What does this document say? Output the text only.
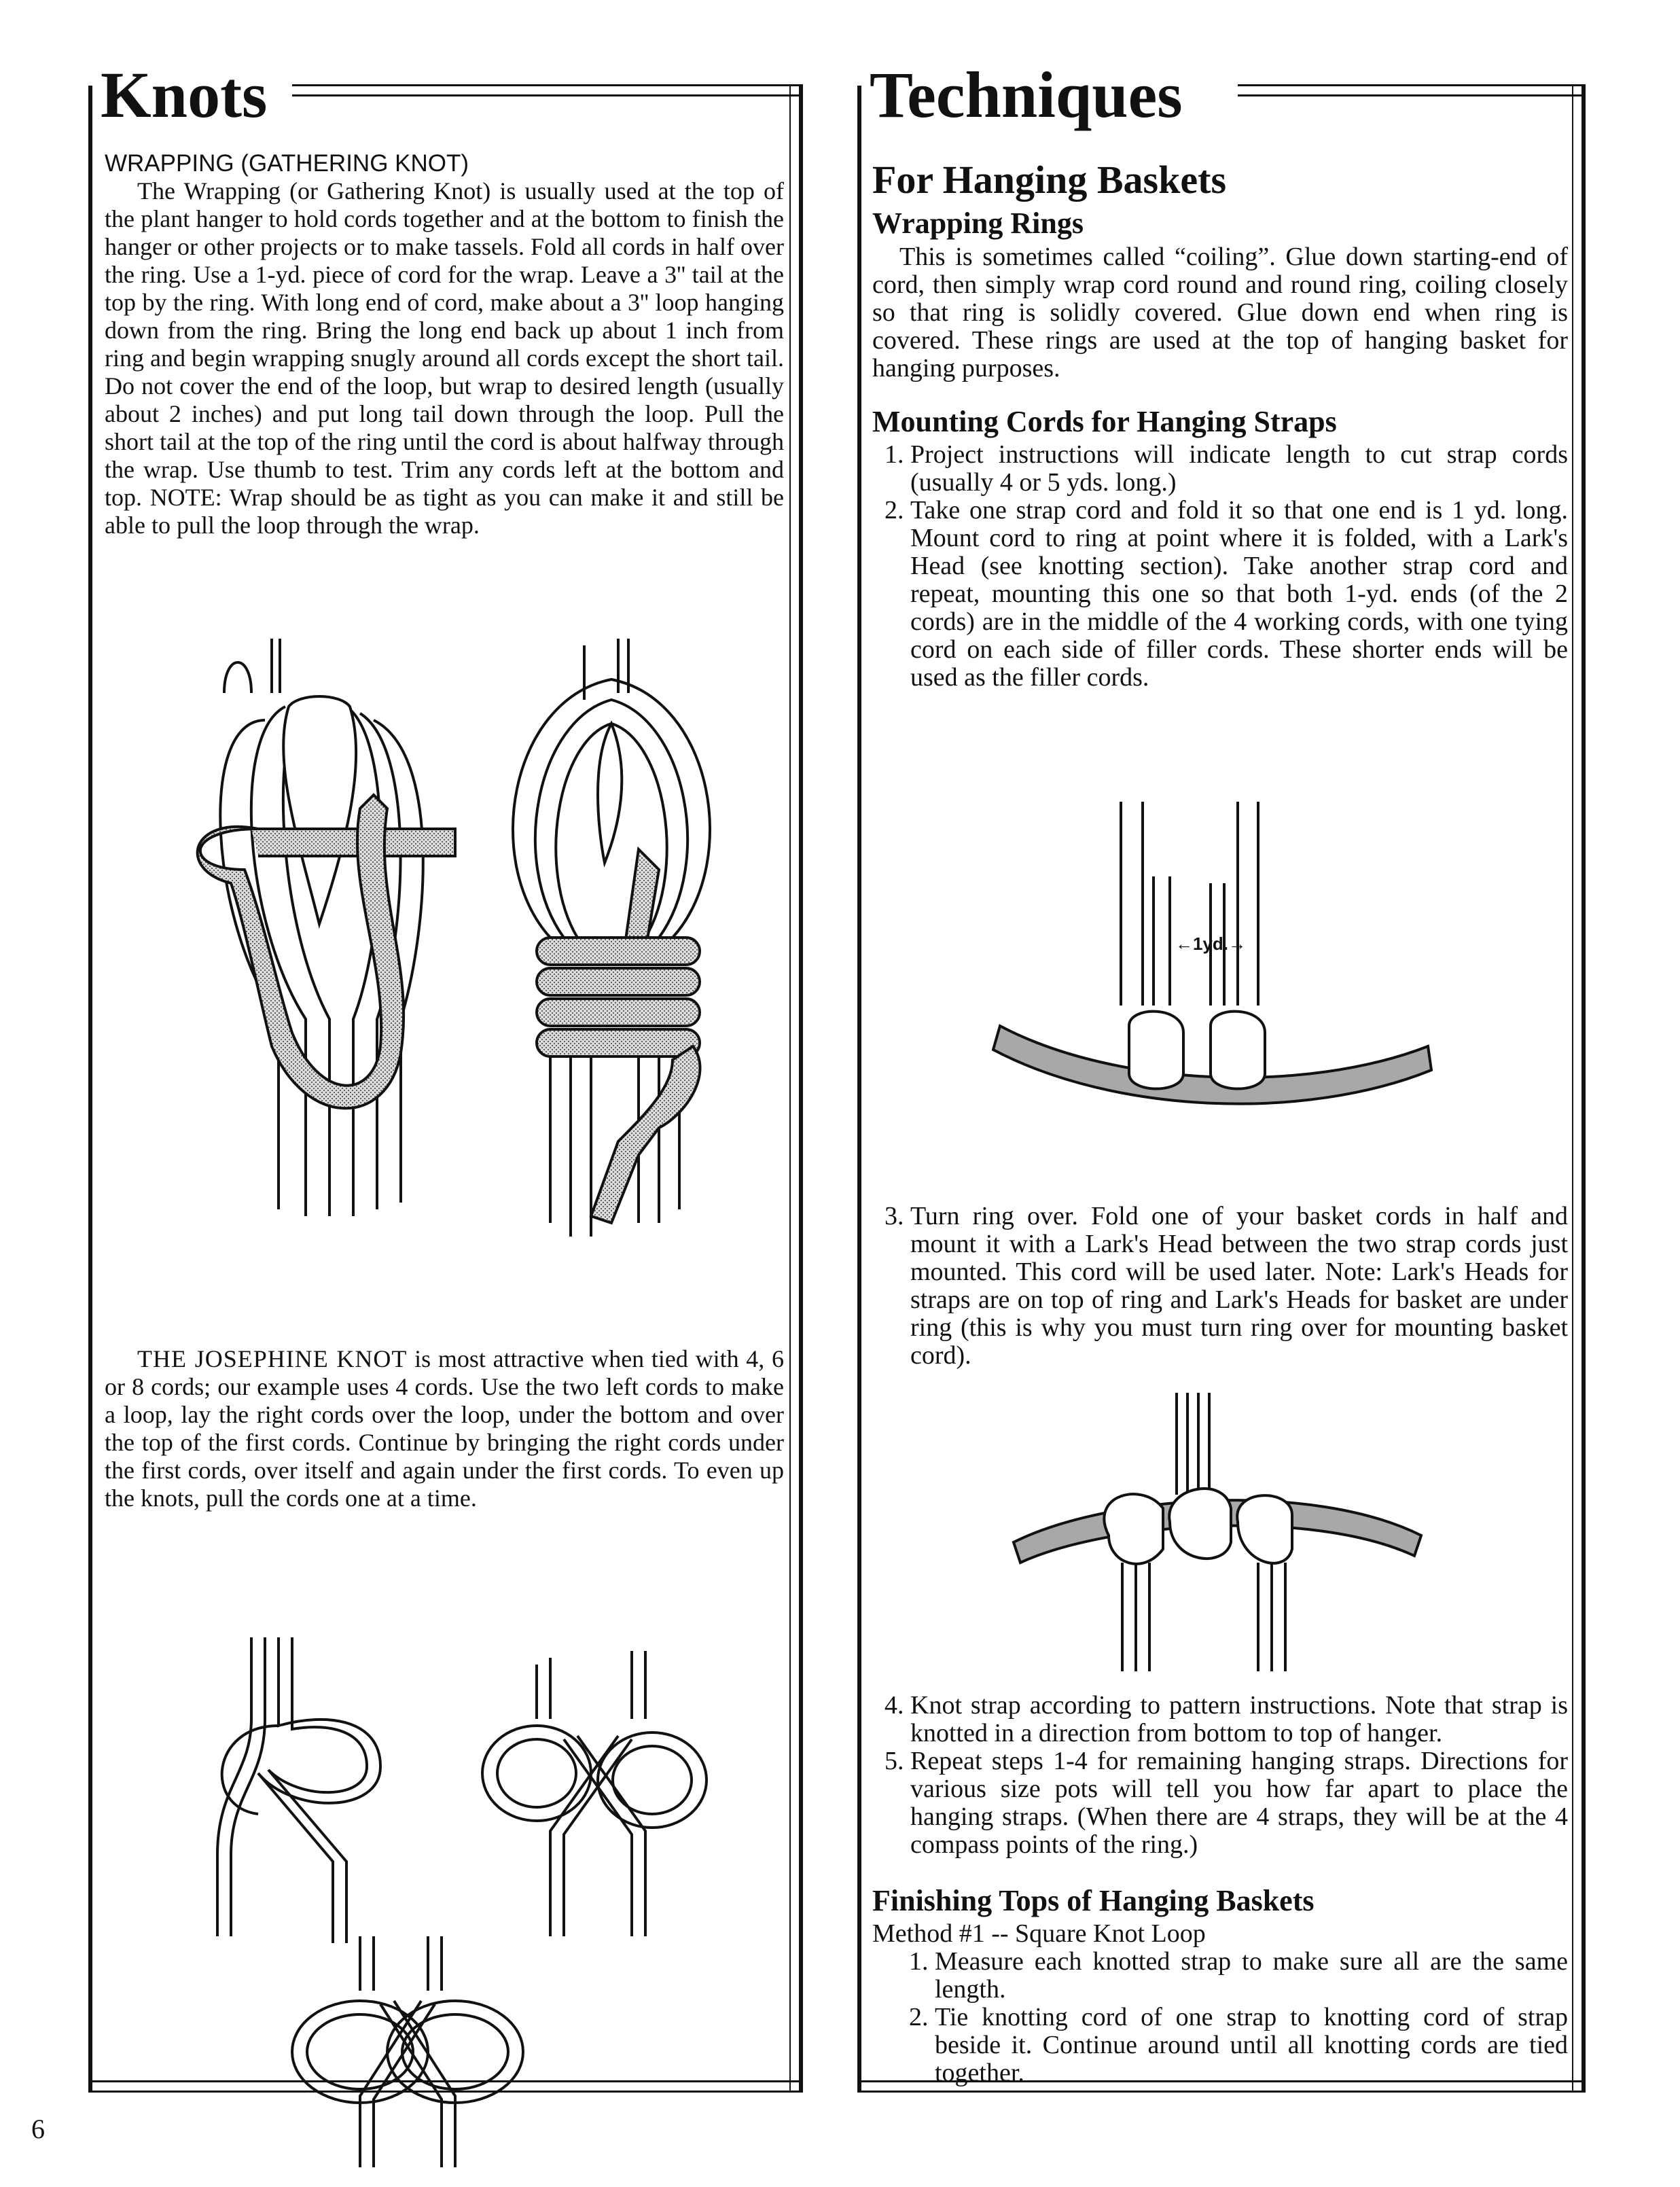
Knots

WRAPPING (GATHERING KNOT)

The Wrapping (or Gathering Knot) is usually used at the top of the plant hanger to hold cords together and at the bottom to finish the hanger or other projects or to make tassels. Fold all cords in half over the ring. Use a 1-yd. piece of cord for the wrap. Leave a 3'' tail at the top by the ring. With long end of cord, make about a 3'' loop hanging down from the ring. Bring the long end back up about 1 inch from ring and begin wrapping snugly around all cords except the short tail. Do not cover the end of the loop, but wrap to desired length (usually about 2 inches) and put long tail down through the loop. Pull the short tail at the top of the ring until the cord is about halfway through the wrap. Use thumb to test. Trim any cords left at the bottom and top. NOTE: Wrap should be as tight as you can make it and still be able to pull the loop through the wrap.

THE JOSEPHINE KNOT is most attractive when tied with 4, 6 or 8 cords; our example uses 4 cords. Use the two left cords to make a loop, lay the right cords over the loop, under the bottom and over the top of the first cords. Continue by bringing the right cords under the first cords, over itself and again under the first cords. To even up the knots, pull the cords one at a time.

Techniques

For Hanging Baskets

Wrapping Rings

This is sometimes called “coiling”. Glue down starting-end of cord, then simply wrap cord round and round ring, coiling closely so that ring is solidly covered. Glue down end when ring is covered. These rings are used at the top of hanging basket for hanging purposes.

Mounting Cords for Hanging Straps

1. Project instructions will indicate length to cut strap cords (usually 4 or 5 yds. long.)
2. Take one strap cord and fold it so that one end is 1 yd. long. Mount cord to ring at point where it is folded, with a Lark's Head (see knotting section). Take another strap cord and repeat, mounting this one so that both 1-yd. ends (of the 2 cords) are in the middle of the 4 working cords, with one tying cord on each side of filler cords. These shorter ends will be used as the filler cords.
←1yd.→
3. Turn ring over. Fold one of your basket cords in half and mount it with a Lark's Head between the two strap cords just mounted. This cord will be used later. Note: Lark's Heads for straps are on top of ring and Lark's Heads for basket are under ring (this is why you must turn ring over for mounting basket cord).
4. Knot strap according to pattern instructions. Note that strap is knotted in a direction from bottom to top of hanger.
5. Repeat steps 1-4 for remaining hanging straps. Directions for various size pots will tell you how far apart to place the hanging straps. (When there are 4 straps, they will be at the 4 compass points of the ring.)

Finishing Tops of Hanging Baskets

Method #1 -- Square Knot Loop

1. Measure each knotted strap to make sure all are the same length.
2. Tie knotting cord of one strap to knotting cord of strap beside it. Continue around until all knotting cords are tied together.
6
